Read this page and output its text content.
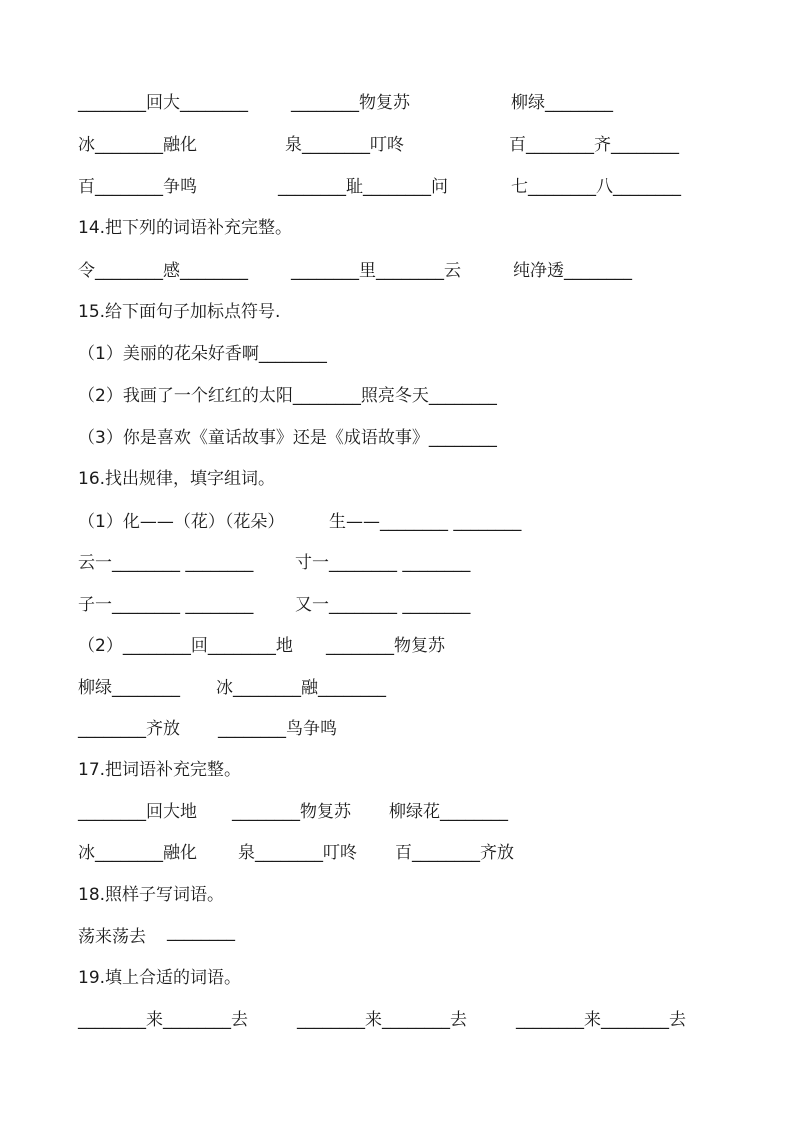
________回大________	________物复苏	柳绿________
冰________融化	泉________叮咚	百________齐________
百________争鸣	________耻________问	七________八________
14.把下列的词语补充完整。
令________感________	________里________云	纯净透________
15.给下面句子加标点符号.
（1）美丽的花朵好香啊________
（2）我画了一个红红的太阳________照亮冬天________
（3）你是喜欢《童话故事》还是《成语故事》________
16.找出规律，填字组词。
（1）化——（花）（花朵）	生——________ ________
云一________ ________ 寸一________ ________
子一________ ________ 又一________ ________
（2）________回________地 ________物复苏
柳绿________ 冰________融________
________齐放 ________鸟争鸣
17.把词语补充完整。
________回大地 ________物复苏 柳绿花________
冰________融化 泉________叮咚 百________齐放
18.照样子写词语。
荡来荡去 ________
19.填上合适的词语。
________来________去	________来________去	________来________去
